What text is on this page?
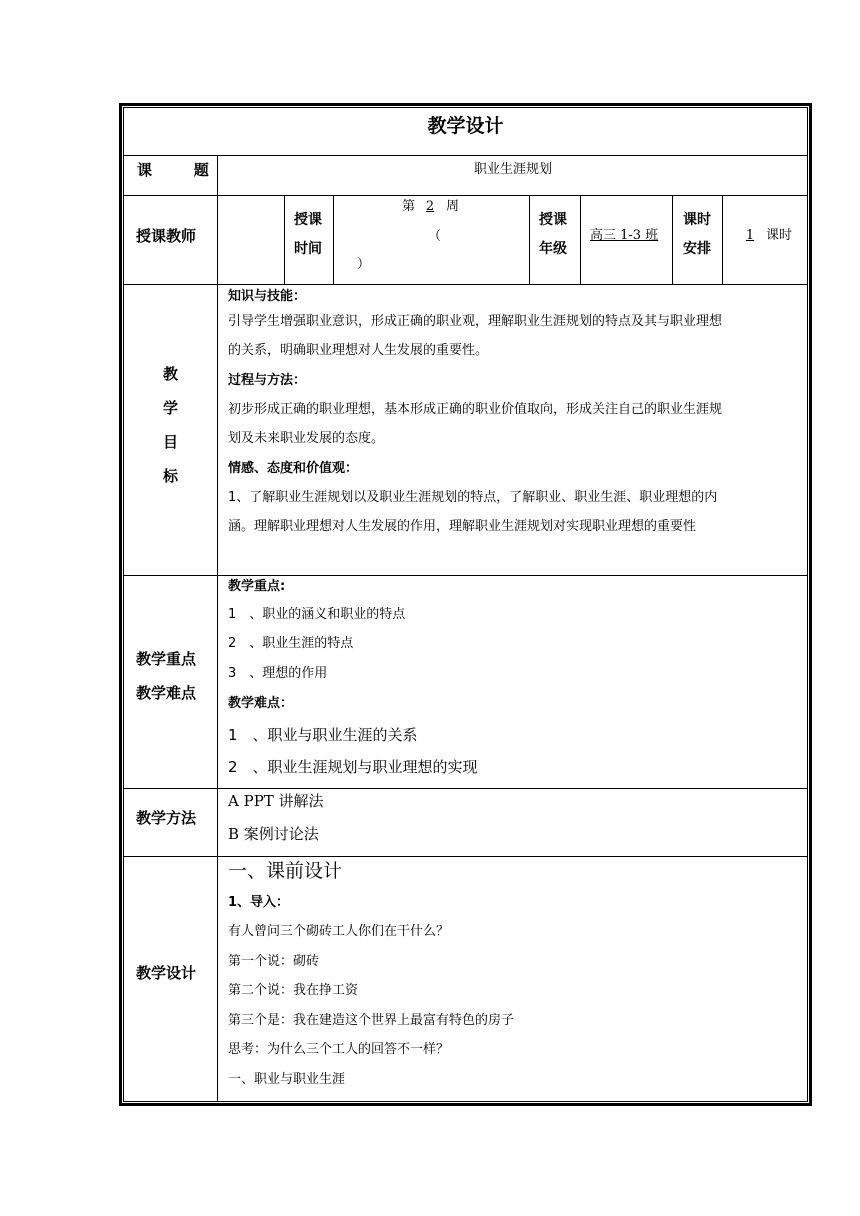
教学设计
课        题	职业生涯规划
授课教师
授课
时间
第 2 周
（
）
授课
年级
高三 1-3 班
课时
安排
1 课时
教
学
目
标
知识与技能：
引导学生增强职业意识，形成正确的职业观，理解职业生涯规划的特点及其与职业理想
的关系，明确职业理想对人生发展的重要性。
过程与方法：
初步形成正确的职业理想，基本形成正确的职业价值取向，形成关注自己的职业生涯规
划及未来职业发展的态度。
情感、态度和价值观：
1、了解职业生涯规划以及职业生涯规划的特点，了解职业、职业生涯、职业理想的内
涵。理解职业理想对人生发展的作用，理解职业生涯规划对实现职业理想的重要性
教学重点
教学难点
教学重点:
1　、职业的涵义和职业的特点
2　、职业生涯的特点
3　、理想的作用
教学难点：
1　、职业与职业生涯的关系
2　、职业生涯规划与职业理想的实现
教学方法
A PPT 讲解法
B 案例讨论法
教学设计
一、课前设计
1、导入：
有人曾问三个砌砖工人你们在干什么？
第一个说：砌砖
第二个说：我在挣工资
第三个是：我在建造这个世界上最富有特色的房子
思考：为什么三个工人的回答不一样？
一、职业与职业生涯
